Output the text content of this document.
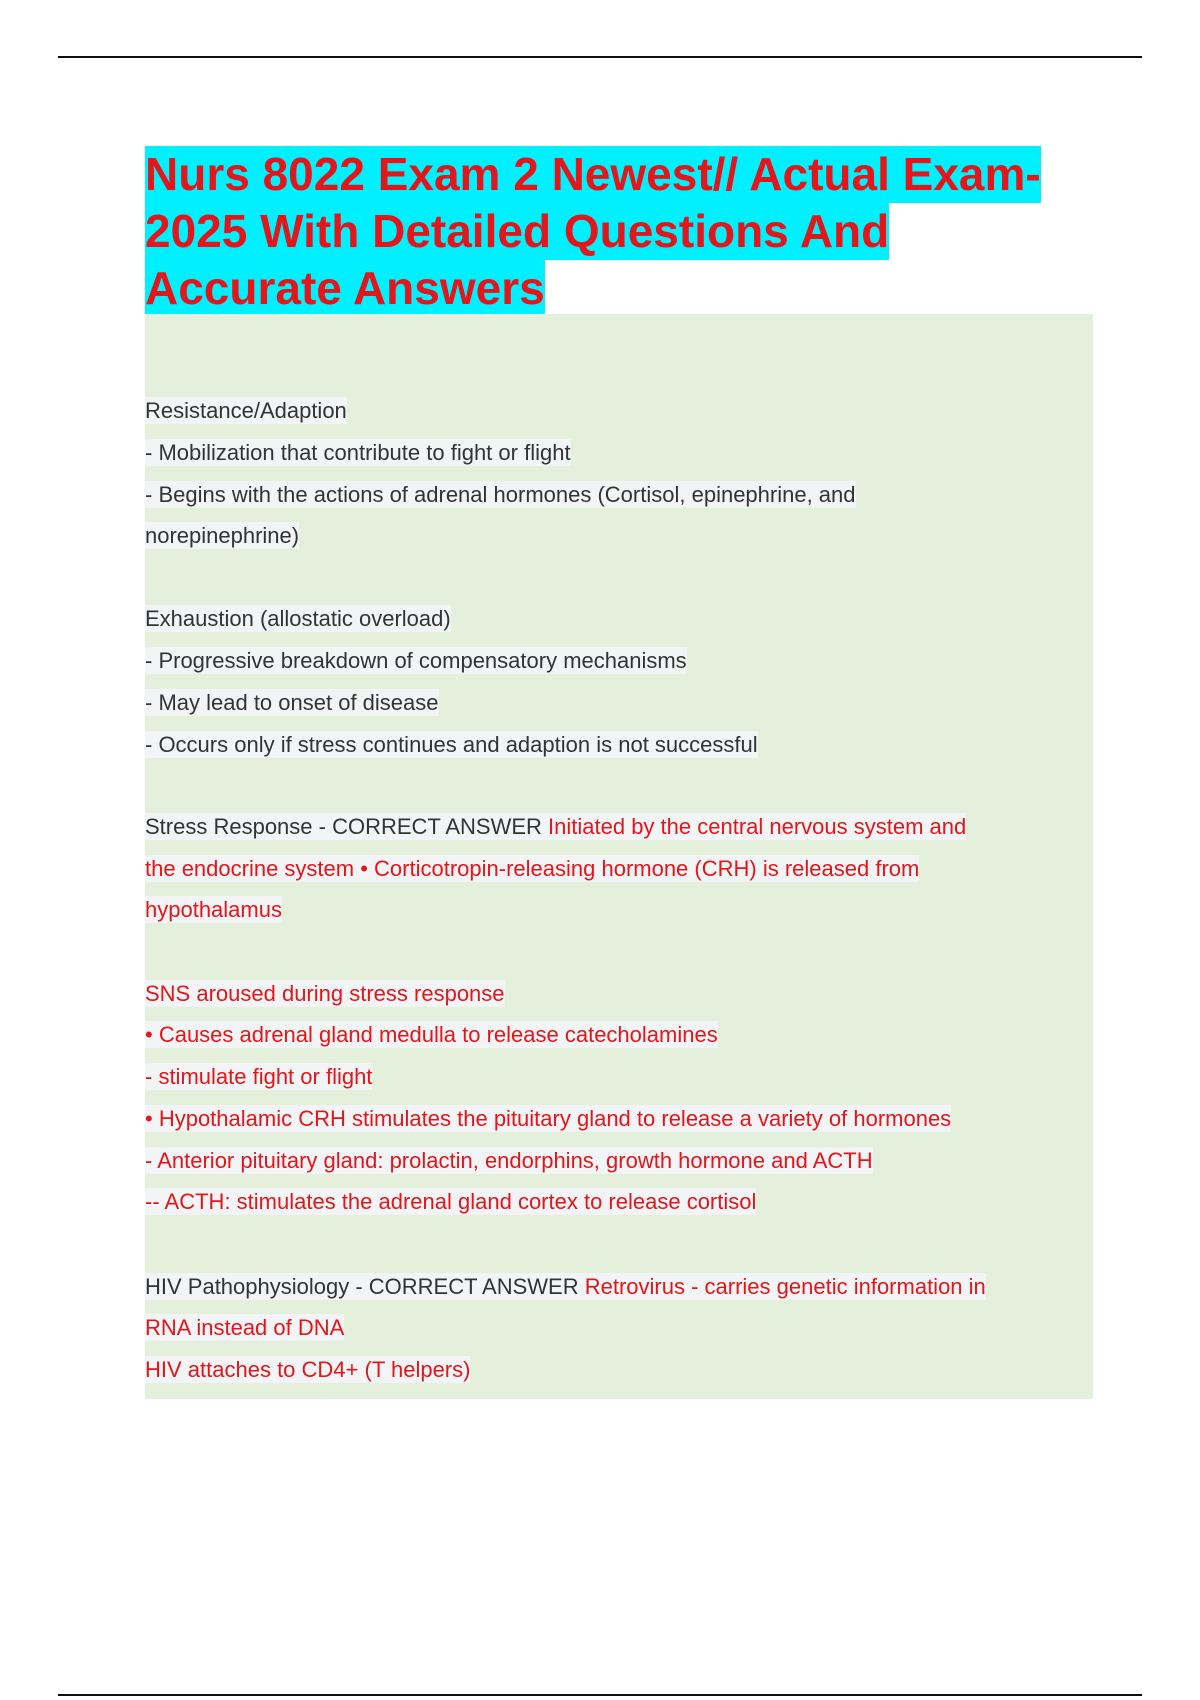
Nurs 8022 Exam 2 Newest// Actual Exam-
2025 With Detailed Questions And
Accurate Answers
Resistance/Adaption
- Mobilization that contribute to fight or flight
- Begins with the actions of adrenal hormones (Cortisol, epinephrine, and
norepinephrine)
Exhaustion (allostatic overload)
- Progressive breakdown of compensatory mechanisms
- May lead to onset of disease
- Occurs only if stress continues and adaption is not successful
Stress Response - CORRECT ANSWER Initiated by the central nervous system and
the endocrine system • Corticotropin-releasing hormone (CRH) is released from
hypothalamus
SNS aroused during stress response
• Causes adrenal gland medulla to release catecholamines
- stimulate fight or flight
• Hypothalamic CRH stimulates the pituitary gland to release a variety of hormones
- Anterior pituitary gland: prolactin, endorphins, growth hormone and ACTH
-- ACTH: stimulates the adrenal gland cortex to release cortisol
HIV Pathophysiology - CORRECT ANSWER Retrovirus - carries genetic information in
RNA instead of DNA
HIV attaches to CD4+ (T helpers)
